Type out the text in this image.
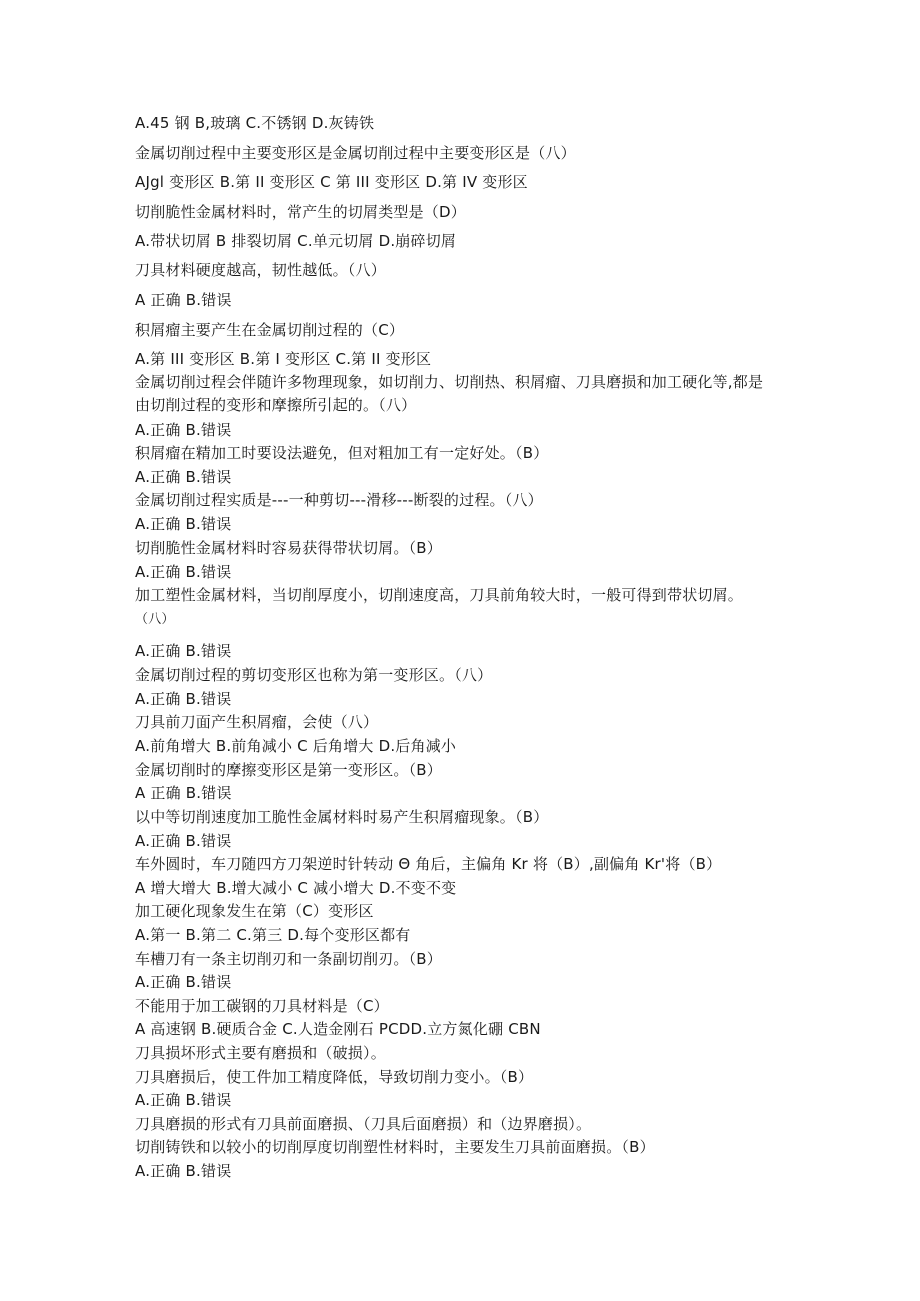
A.45 钢 B,玻璃 C.不锈钢 D.灰铸铁
金属切削过程中主要变形区是金属切削过程中主要变形区是（八）
AJgl 变形区 B.第 II 变形区 C 第 III 变形区 D.第 IV 变形区
切削脆性金属材料时，常产生的切屑类型是（D）
A.带状切屑 B 排裂切屑 C.单元切屑 D.崩碎切屑
刀具材料硬度越高，韧性越低。（八）
A 正确 B.错误
积屑瘤主要产生在金属切削过程的（C）
A.第 III 变形区 B.第 I 变形区 C.第 II 变形区
金属切削过程会伴随许多物理现象，如切削力、切削热、积屑瘤、刀具磨损和加工硬化等,都是
由切削过程的变形和摩擦所引起的。（八）
A.正确 B.错误
积屑瘤在精加工时要设法避免，但对粗加工有一定好处。（B）
A.正确 B.错误
金属切削过程实质是---一种剪切---滑移---断裂的过程。（八）
A.正确 B.错误
切削脆性金属材料时容易获得带状切屑。（B）
A.正确 B.错误
加工塑性金属材料，当切削厚度小，切削速度高，刀具前角较大时，一般可得到带状切屑。
（八）
A.正确 B.错误
金属切削过程的剪切变形区也称为第一变形区。（八）
A.正确 B.错误
刀具前刀面产生积屑瘤，会使（八）
A.前角增大 B.前角减小 C 后角增大 D.后角减小
金属切削时的摩擦变形区是第一变形区。（B）
A 正确 B.错误
以中等切削速度加工脆性金属材料时易产生积屑瘤现象。（B）
A.正确 B.错误
车外圆时，车刀随四方刀架逆时针转动 Θ 角后，主偏角 Kr 将（B）,副偏角 Kr'将（B）
A 增大增大 B.增大减小 C 减小增大 D.不变不变
加工硬化现象发生在第（C）变形区
A.第一 B.第二 C.第三 D.每个变形区都有
车槽刀有一条主切削刃和一条副切削刃。（B）
A.正确 B.错误
不能用于加工碳钢的刀具材料是（C）
A 高速钢 B.硬质合金 C.人造金刚石 PCDD.立方氮化硼 CBN
刀具损坏形式主要有磨损和（破损）。
刀具磨损后，使工件加工精度降低，导致切削力变小。（B）
A.正确 B.错误
刀具磨损的形式有刀具前面磨损、（刀具后面磨损）和（边界磨损）。
切削铸铁和以较小的切削厚度切削塑性材料时，主要发生刀具前面磨损。（B）
A.正确 B.错误
